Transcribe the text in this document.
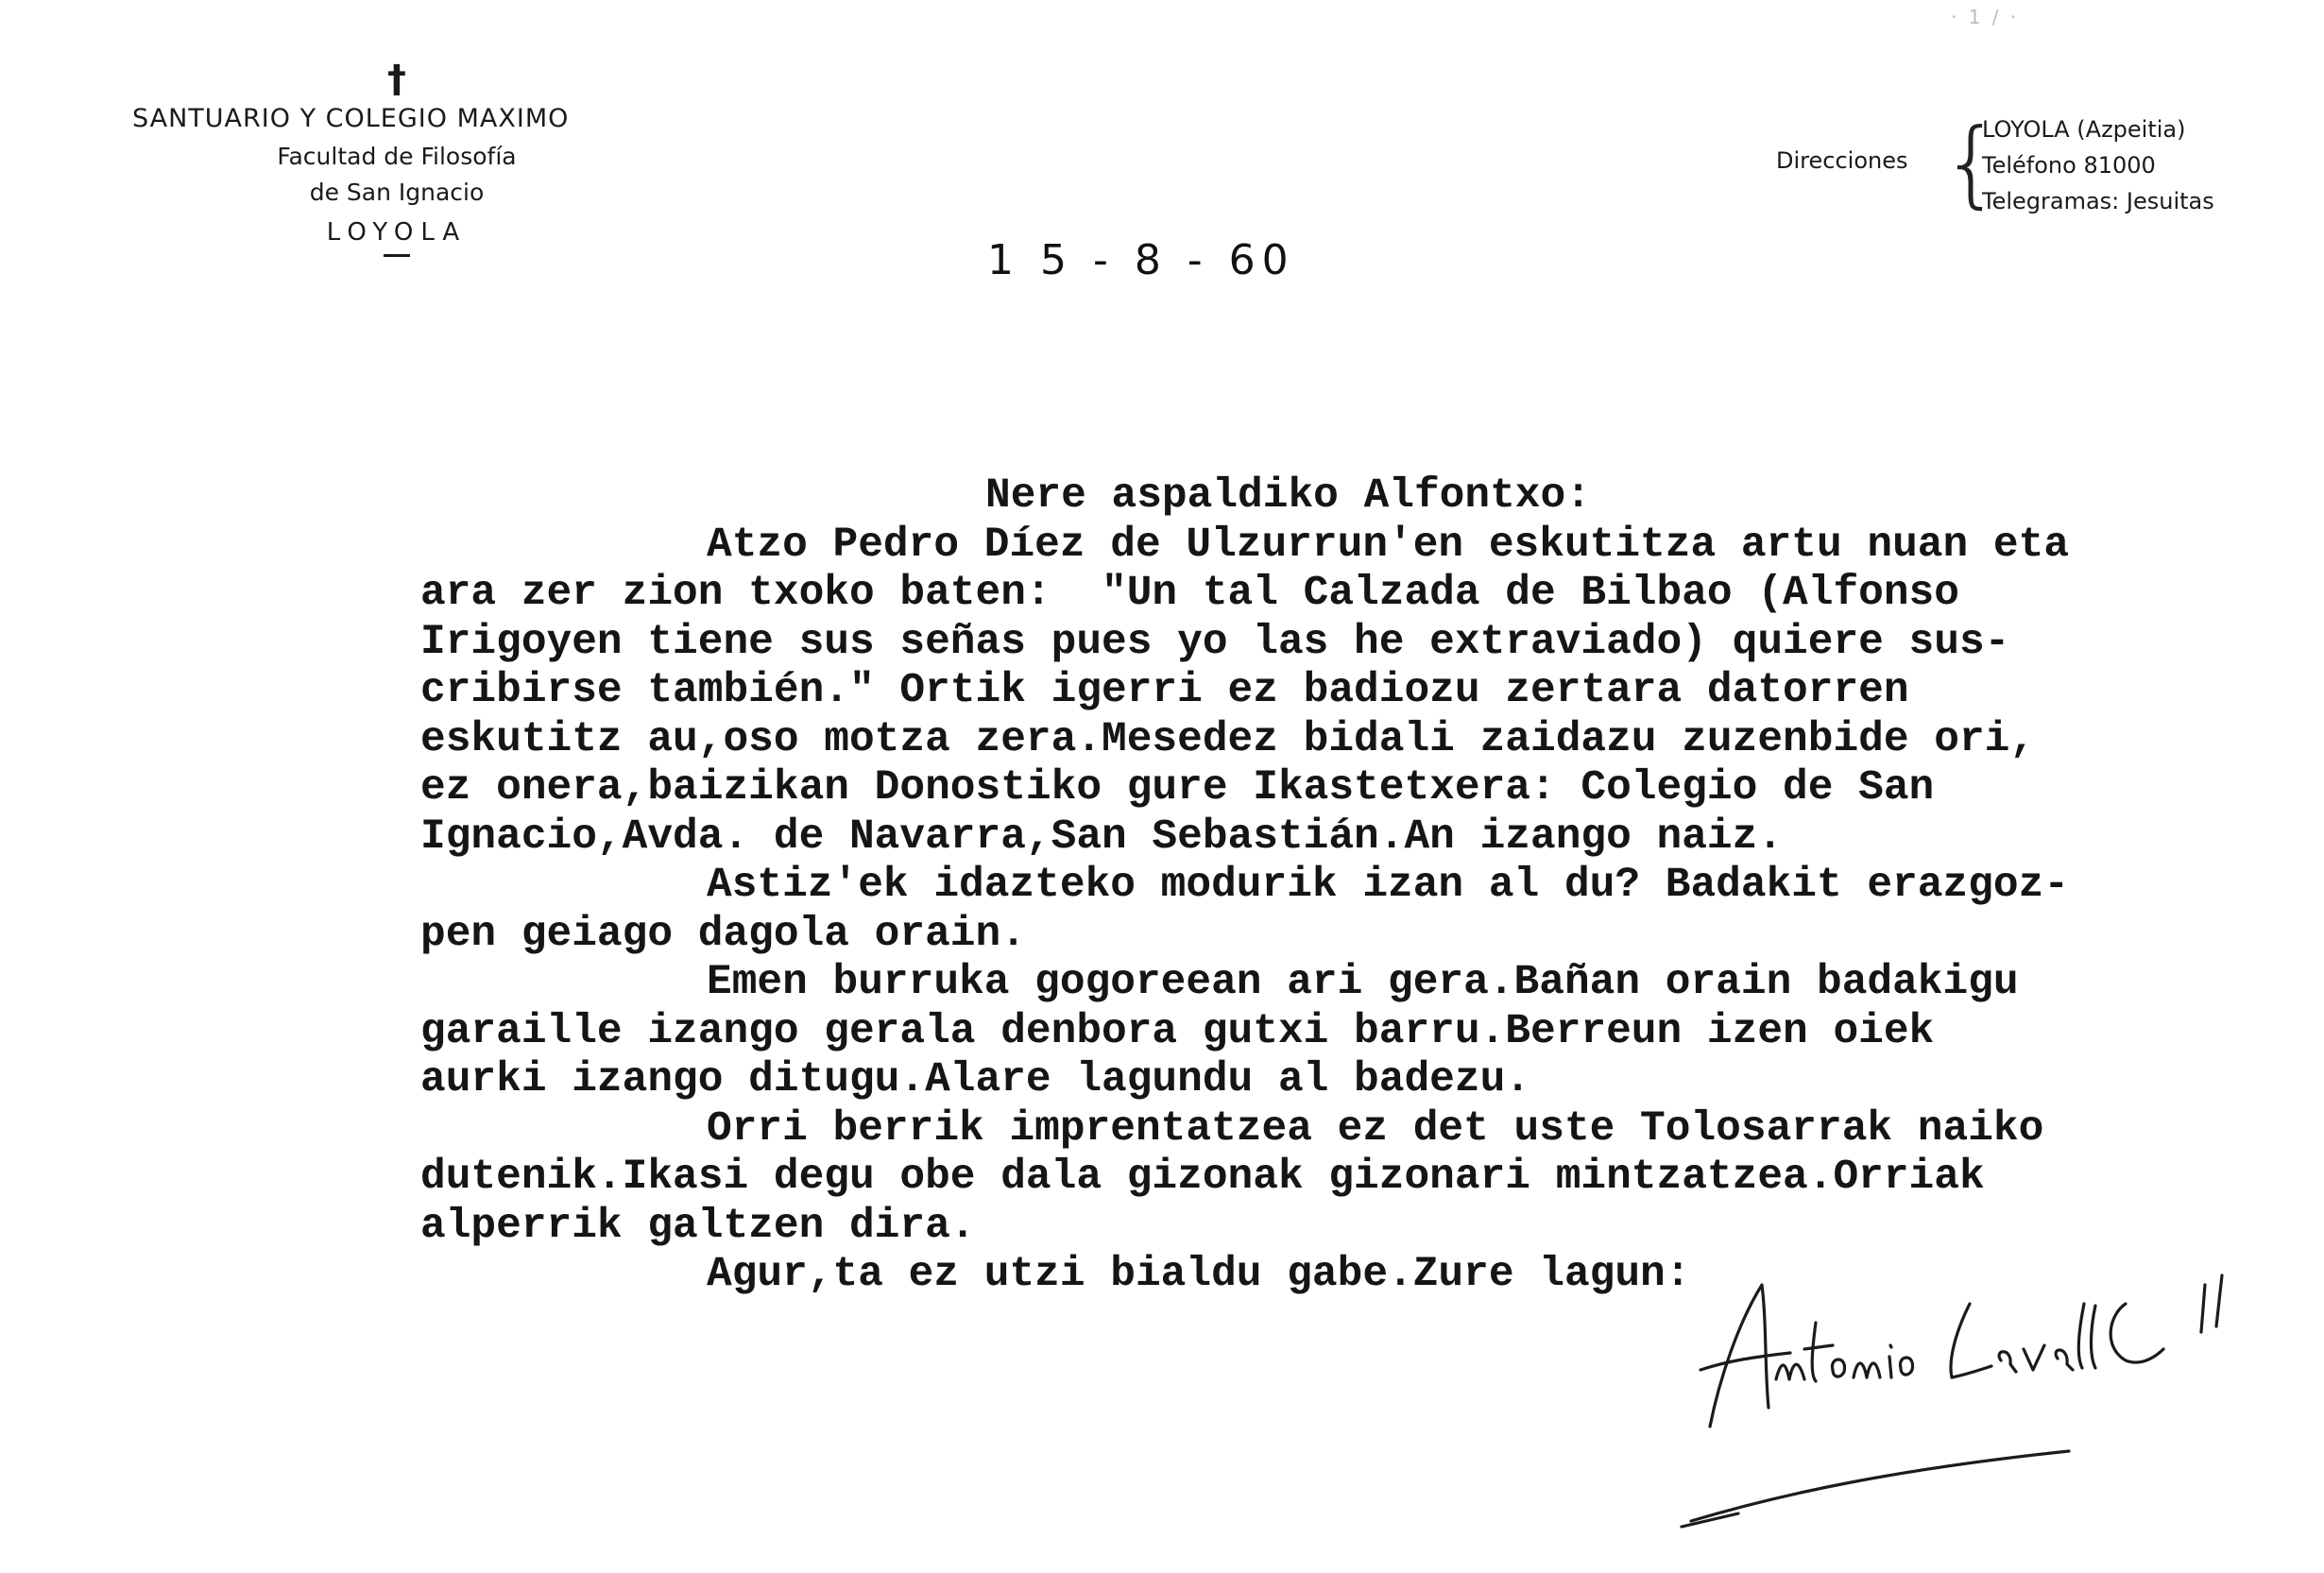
· 1 / ·
†
SANTUARIO Y COLEGIO MAXIMO
Facultad de Filosofía
de San Ignacio
LOYOLA
Direcciones {
LOYOLA (Azpeitia)
Teléfono 81000
Telegramas: Jesuitas
1 5 - 8 - 60
Nere aspaldiko Alfontxo:
Atzo Pedro Díez de Ulzurrun'en eskutitza artu nuan eta
ara zer zion txoko baten:  "Un tal Calzada de Bilbao (Alfonso
Irigoyen tiene sus señas pues yo las he extraviado) quiere sus-
cribirse también." Ortik igerri ez badiozu zertara datorren
eskutitz au,oso motza zera.Mesedez bidali zaidazu zuzenbide ori,
ez onera,baizikan Donostiko gure Ikastetxera: Colegio de San
Ignacio,Avda. de Navarra,San Sebastián.An izango naiz.
Astiz'ek idazteko modurik izan al du? Badakit erazgoz-
pen geiago dagola orain.
Emen burruka gogoreean ari gera.Bañan orain badakigu
garaille izango gerala denbora gutxi barru.Berreun izen oiek
aurki izango ditugu.Alare lagundu al badezu.
Orri berrik imprentatzea ez det uste Tolosarrak naiko
dutenik.Ikasi degu obe dala gizonak gizonari mintzatzea.Orriak
alperrik galtzen dira.
Agur,ta ez utzi bialdu gabe.Zure lagun:
